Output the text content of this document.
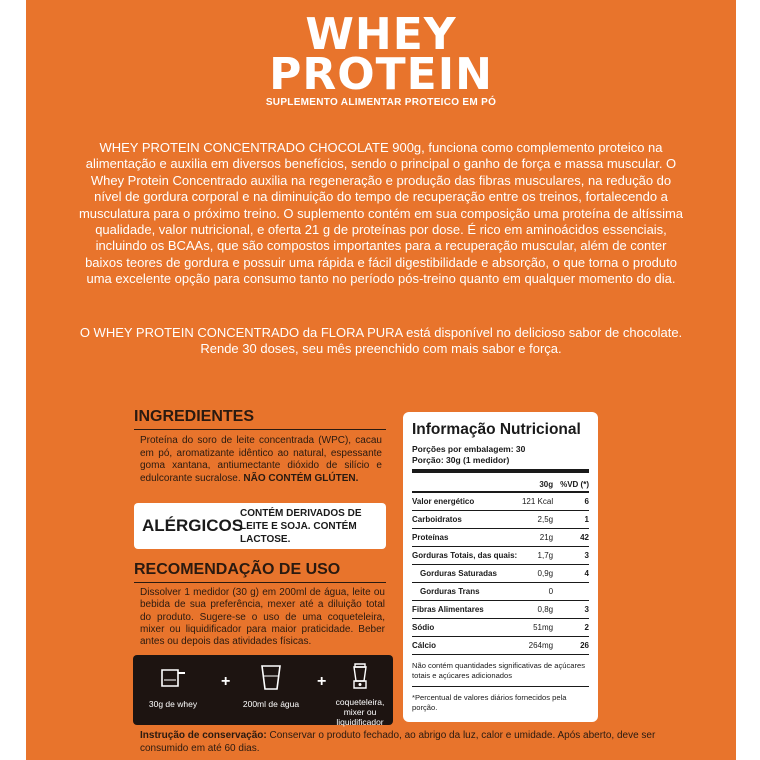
WHEY
PROTEIN
SUPLEMENTO ALIMENTAR PROTEICO EM PÓ

WHEY PROTEIN CONCENTRADO CHOCOLATE 900g, funciona como complemento proteico na alimentação e auxilia em diversos benefícios, sendo o principal o ganho de força e massa muscular. O Whey Protein Concentrado auxilia na regeneração e produção das fibras musculares, na redução do nível de gordura corporal e na diminuição do tempo de recuperação entre os treinos, fortalecendo a musculatura para o próximo treino. O suplemento contém em sua composição uma proteína de altíssima qualidade, valor nutricional, e oferta 21 g de proteínas por dose. É rico em aminoácidos essenciais, incluindo os BCAAs, que são compostos importantes para a recuperação muscular, além de conter baixos teores de gordura e possuir uma rápida e fácil digestibilidade e absorção, o que torna o produto uma excelente opção para consumo tanto no período pós-treino quanto em qualquer momento do dia.

O WHEY PROTEIN CONCENTRADO da FLORA PURA está disponível no delicioso sabor de chocolate. Rende 30 doses, seu mês preenchido com mais sabor e força.

INGREDIENTES
Proteína do soro de leite concentrada (WPC), cacau em pó, aromatizante idêntico ao natural, espessante goma xantana, antiumectante dióxido de silício e edulcorante sucralose. NÃO CONTÉM GLÚTEN.
ALÉRGICOS
CONTÉM DERIVADOS DE LEITE E SOJA. CONTÉM LACTOSE.
RECOMENDAÇÃO DE USO
Dissolver 1 medidor (30 g) em 200ml de água, leite ou bebida de sua preferência, mexer até a diluição total do produto. Sugere-se o uso de uma coqueteleira, mixer ou liquidificador para maior praticidade. Beber antes ou depois das atividades físicas.
30g de whey
+
200ml de água
+
coqueteleira, mixer ou liquidificador
Instrução de conservação: Conservar o produto fechado, ao abrigo da luz, calor e umidade. Após aberto, deve ser consumido em até 60 dias.
Informação Nutricional
Porções por embalagem: 30
Porção: 30g (1 medidor)
	30g	%VD (*)
Valor energético	121 Kcal	6
Carboidratos	2,5g	1
Proteínas	21g	42
Gorduras Totais, das quais:	1,7g	3
Gorduras Saturadas	0,9g	4
Gorduras Trans	0	
Fibras Alimentares	0,8g	3
Sódio	51mg	2
Cálcio	264mg	26
Não contém quantidades significativas de açúcares totais e açúcares adicionados
*Percentual de valores diários fornecidos pela porção.
